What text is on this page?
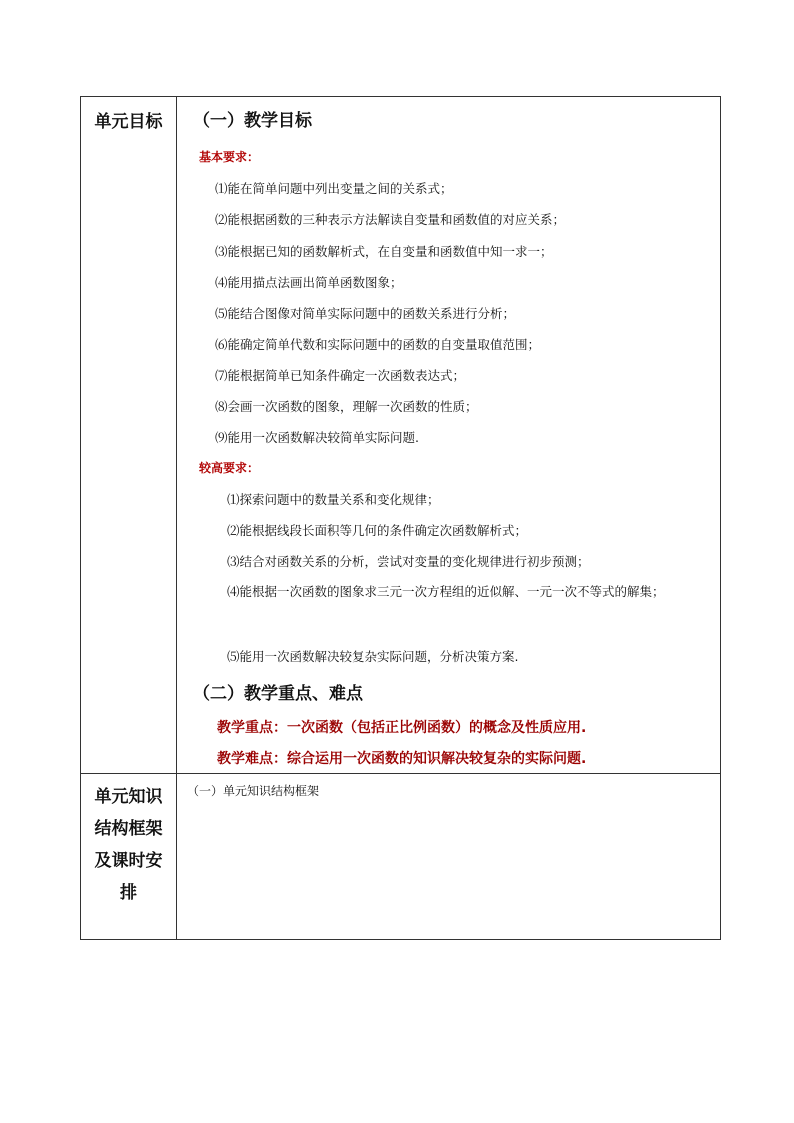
单元目标
单元知识
结构框架
及课时安
排
（一）教学目标
基本要求：
⑴能在简单问题中列出变量之间的关系式；
⑵能根据函数的三种表示方法解读自变量和函数值的对应关系；
⑶能根据已知的函数解析式，在自变量和函数值中知一求一；
⑷能用描点法画出简单函数图象；
⑸能结合图像对简单实际问题中的函数关系进行分析；
⑹能确定简单代数和实际问题中的函数的自变量取值范围；
⑺能根据简单已知条件确定一次函数表达式；
⑻会画一次函数的图象，理解一次函数的性质；
⑼能用一次函数解决较简单实际问题.
较高要求：
⑴探索问题中的数量关系和变化规律；
⑵能根据线段长面积等几何的条件确定次函数解析式；
⑶结合对函数关系的分析，尝试对变量的变化规律进行初步预测；
⑷能根据一次函数的图象求三元一次方程组的近似解、一元一次不等式的解集；
⑸能用一次函数解决较复杂实际问题，分析决策方案.
（二）教学重点、难点
教学重点：一次函数（包括正比例函数）的概念及性质应用.
教学难点：综合运用一次函数的知识解决较复杂的实际问题.
（一）单元知识结构框架
